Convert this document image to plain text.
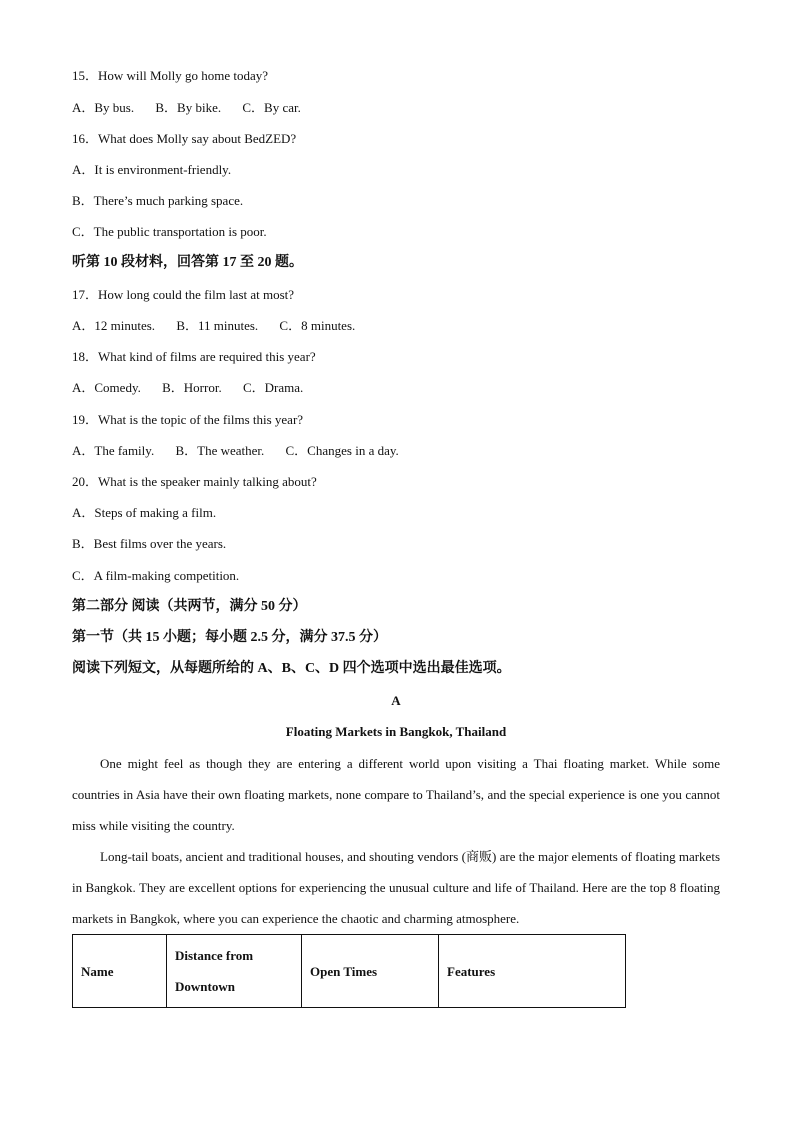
15．How will Molly go home today?
A．By bus. B．By bike. C．By car.
16．What does Molly say about BedZED?
A．It is environment-friendly.
B．There’s much parking space.
C．The public transportation is poor.
听第 10 段材料，回答第 17 至 20 题。
17．How long could the film last at most?
A．12 minutes. B．11 minutes. C．8 minutes.
18．What kind of films are required this year?
A．Comedy. B．Horror. C．Drama.
19．What is the topic of the films this year?
A．The family. B．The weather. C．Changes in a day.
20．What is the speaker mainly talking about?
A．Steps of making a film.
B．Best films over the years.
C．A film-making competition.
第二部分 阅读（共两节，满分 50 分）
第一节（共 15 小题；每小题 2.5 分，满分 37.5 分）
阅读下列短文，从每题所给的 A、B、C、D 四个选项中选出最佳选项。
A
Floating Markets in Bangkok, Thailand
One might feel as though they are entering a different world upon visiting a Thai floating market. While some countries in Asia have their own floating markets, none compare to Thailand’s, and the special experience is one you cannot miss while visiting the country.
Long-tail boats, ancient and traditional houses, and shouting vendors (商贩) are the major elements of floating markets in Bangkok. They are excellent options for experiencing the unusual culture and life of Thailand. Here are the top 8 floating markets in Bangkok, where you can experience the chaotic and charming atmosphere.
Name	Distance from Downtown	Open Times	Features
